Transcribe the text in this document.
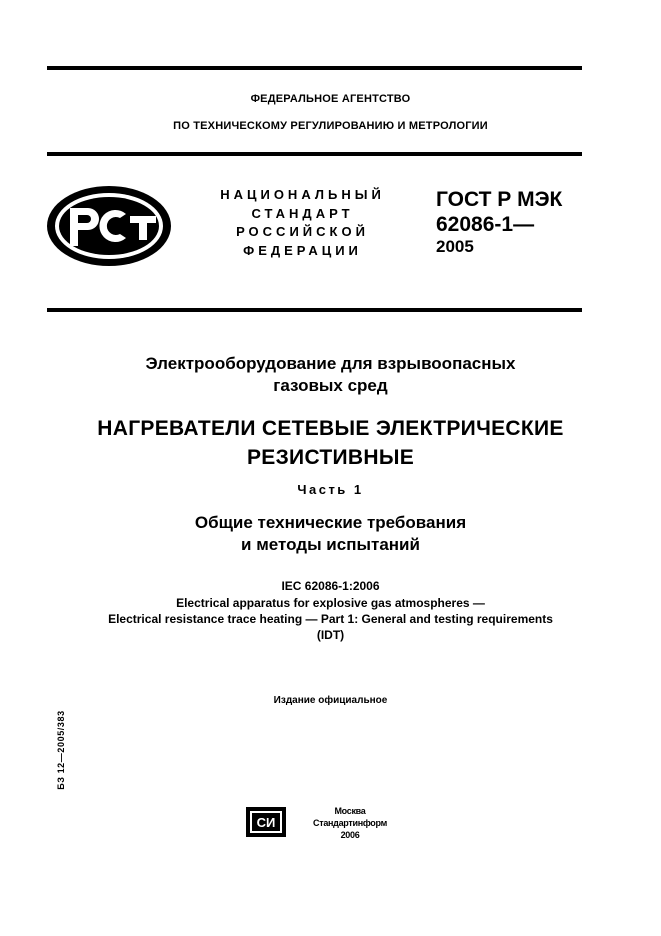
ФЕДЕРАЛЬНОЕ АГЕНТСТВО
ПО ТЕХНИЧЕСКОМУ РЕГУЛИРОВАНИЮ И МЕТРОЛОГИИ
НАЦИОНАЛЬНЫЙ
СТАНДАРТ
РОССИЙСКОЙ
ФЕДЕРАЦИИ
ГОСТ Р МЭК
62086-1—
2005
Электрооборудование для взрывоопасных
газовых сред
НАГРЕВАТЕЛИ СЕТЕВЫЕ ЭЛЕКТРИЧЕСКИЕ
РЕЗИСТИВНЫЕ
Часть 1
Общие технические требования
и методы испытаний
IEC 62086-1:2006
Electrical apparatus for explosive gas atmospheres —
Electrical resistance trace heating — Part 1: General and testing requirements
(IDT)
Издание официальное
БЗ 12—2005/383
СИ
Москва
Стандартинформ
2006
